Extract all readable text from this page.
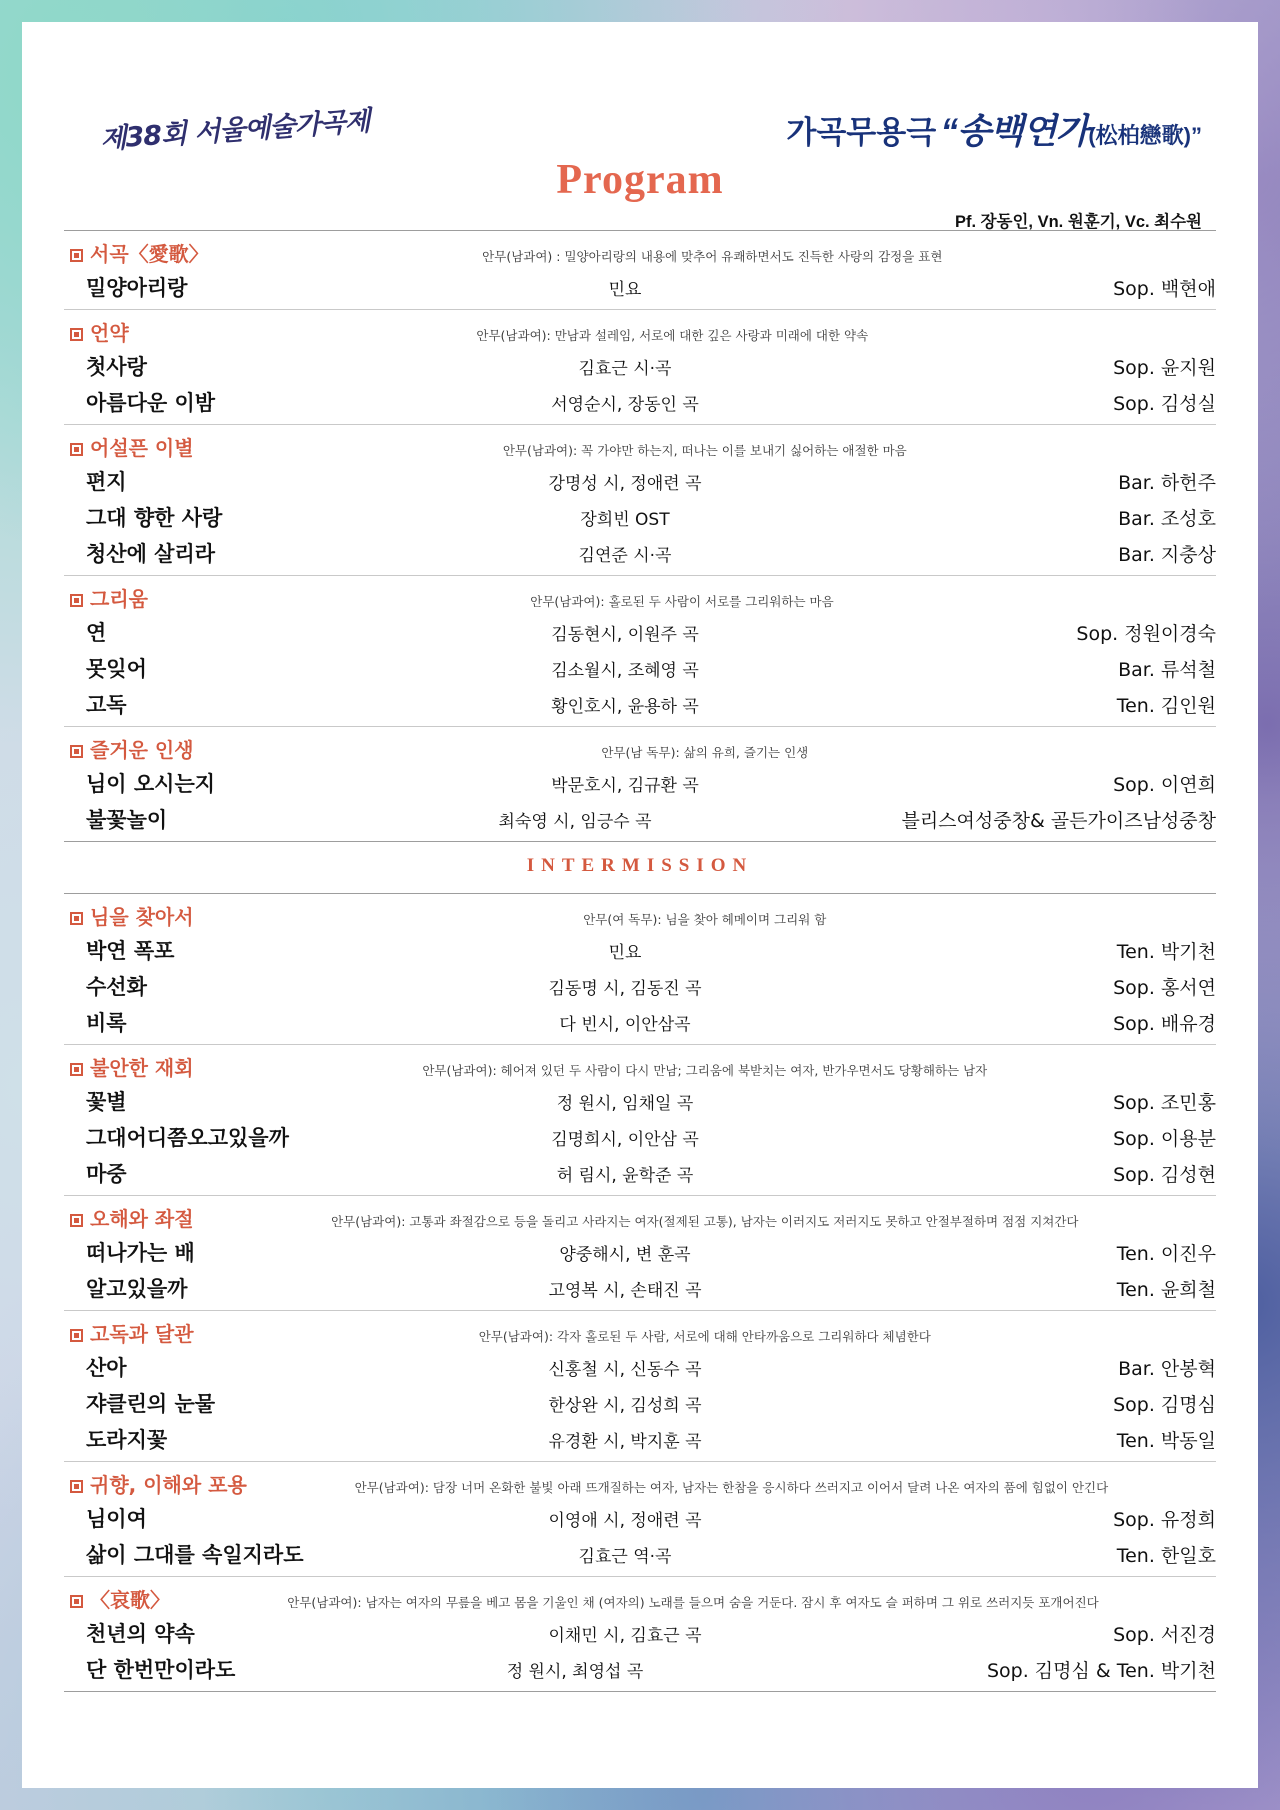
제38회 서울예술가곡제	가곡무용극 “송백연가(松柏戀歌)”
Program
Pf. 장동인, Vn. 원훈기, Vc. 최수원
서곡〈愛歌〉	안무(남과여) : 밀양아리랑의 내용에 맞추어 유쾌하면서도 진득한 사랑의 감정을 표현
밀양아리랑	민요	Sop. 백현애
언약	안무(남과여): 만남과 설레임, 서로에 대한 깊은 사랑과 미래에 대한 약속
첫사랑	김효근 시·곡	Sop. 윤지원
아름다운 이밤	서영순시, 장동인 곡	Sop. 김성실
어설픈 이별	안무(남과여): 꼭 가야만 하는지, 떠나는 이를 보내기 싫어하는 애절한 마음
편지	강명성 시, 정애련 곡	Bar. 하헌주
그대 향한 사랑	장희빈 OST	Bar. 조성호
청산에 살리라	김연준 시·곡	Bar. 지충상
그리움	안무(남과여): 홀로된 두 사람이 서로를 그리워하는 마음
연	김동현시, 이원주 곡	Sop. 정원이경숙
못잊어	김소월시, 조혜영 곡	Bar. 류석철
고독	황인호시, 윤용하 곡	Ten. 김인원
즐거운 인생	안무(남 독무): 삶의 유희, 즐기는 인생
님이 오시는지	박문호시, 김규환 곡	Sop. 이연희
불꽃놀이	최숙영 시, 임긍수 곡	블리스여성중창& 골든가이즈남성중창
INTERMISSION
님을 찾아서	안무(여 독무): 님을 찾아 헤메이며 그리워 함
박연 폭포	민요	Ten. 박기천
수선화	김동명 시, 김동진 곡	Sop. 홍서연
비록	다 빈시, 이안삼곡	Sop. 배유경
불안한 재회	안무(남과여): 헤어져 있던 두 사람이 다시 만남; 그리움에 북받치는 여자, 반가우면서도 당황해하는 남자
꽃별	정 원시, 임채일 곡	Sop. 조민홍
그대어디쯤오고있을까	김명희시, 이안삼 곡	Sop. 이용분
마중	허 림시, 윤학준 곡	Sop. 김성현
오해와 좌절	안무(남과여): 고통과 좌절감으로 등을 돌리고 사라지는 여자(절제된 고통), 남자는 이러지도 저러지도 못하고 안절부절하며 점점 지쳐간다
떠나가는 배	양중해시, 변 훈곡	Ten. 이진우
알고있을까	고영복 시, 손태진 곡	Ten. 윤희철
고독과 달관	안무(남과여): 각자 홀로된 두 사람, 서로에 대해 안타까움으로 그리워하다 체념한다
산아	신홍철 시, 신동수 곡	Bar. 안봉혁
쟈클린의 눈물	한상완 시, 김성희 곡	Sop. 김명심
도라지꽃	유경환 시, 박지훈 곡	Ten. 박동일
귀향, 이해와 포용	안무(남과여): 담장 너머 온화한 불빛 아래 뜨개질하는 여자, 남자는 한참을 응시하다 쓰러지고 이어서 달려 나온 여자의 품에 힘없이 안긴다
님이여	이영애 시, 정애련 곡	Sop. 유정희
삶이 그대를 속일지라도	김효근 역·곡	Ten. 한일호
〈哀歌〉	안무(남과여): 남자는 여자의 무릎을 베고 몸을 기울인 채 (여자의) 노래를 들으며 숨을 거둔다. 잠시 후 여자도 슬 퍼하며 그 위로 쓰러지듯 포개어진다
천년의 약속	이채민 시, 김효근 곡	Sop. 서진경
단 한번만이라도	정 원시, 최영섭 곡	Sop. 김명심 & Ten. 박기천
